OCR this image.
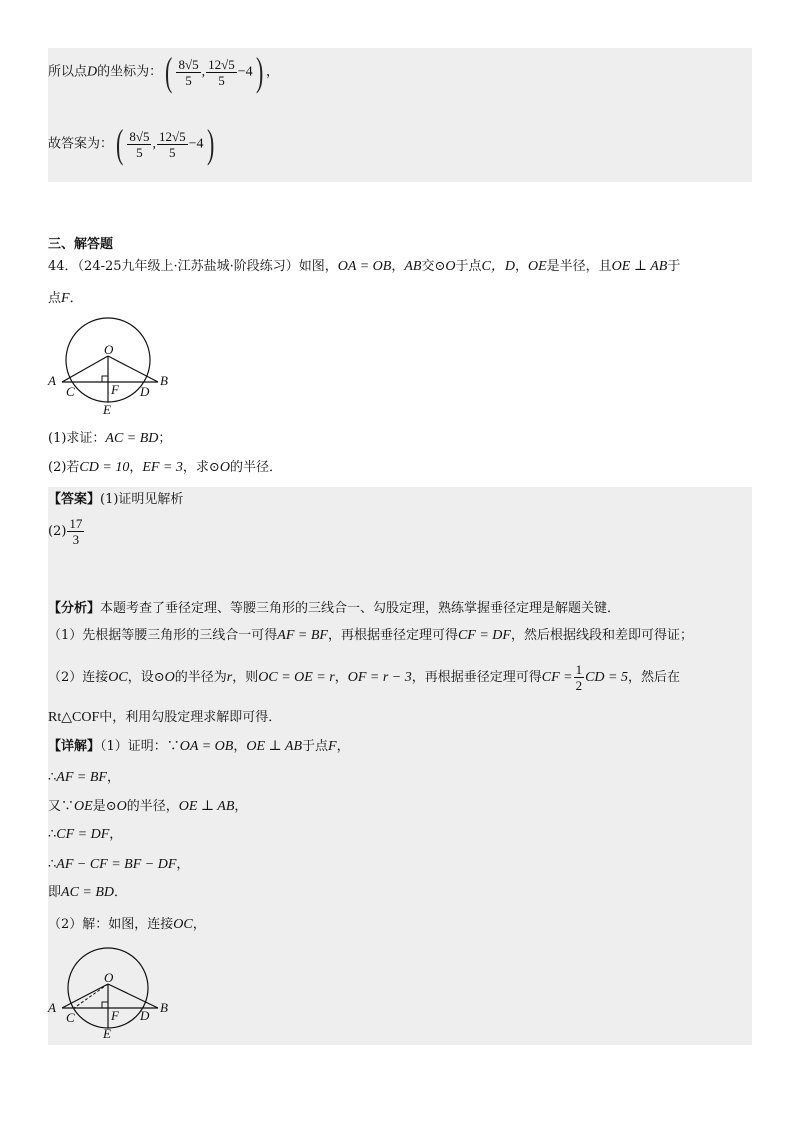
所以点D的坐标为：( $\frac{8√5}{5}$ , $\frac{12√5}{5} -4$) ，
故答案为：( $\frac{8√5}{5}$ , $\frac{12√5}{5} -4$)
三、解答题
44．（24-25九年级上·江苏盐城·阶段练习）如图，OA = OB，AB交⊙O于点C，D，OE是半径，且OE ⊥ AB于
点F．
O
A	B
C	D
F
E
(1)求证：AC = BD；
(2)若CD = 10，EF = 3，求⊙O的半径．
【答案】(1)证明见解析
$(2) \frac{17}{3}$
【分析】本题考查了垂径定理、等腰三角形的三线合一、勾股定理，熟练掌握垂径定理是解题关键．
（1）先根据等腰三角形的三线合一可得AF = BF，再根据垂径定理可得CF = DF，然后根据线段和差即可得证；
（2）连接OC，设⊙O的半径为r，则OC = OE = r，OF = r − 3，再根据垂径定理可得CF = $\frac{1}{2}$ CD = 5，然后在
Rt△COF中，利用勾股定理求解即可得．
【详解】（1）证明：∵OA = OB，OE ⊥ AB于点F，
∴AF = BF，
又∵OE是⊙O的半径，OE ⊥ AB，
∴CF = DF，
∴AF − CF = BF − DF，
即AC = BD．
（2）解：如图，连接OC，
O
A	B
C	D
F
E
